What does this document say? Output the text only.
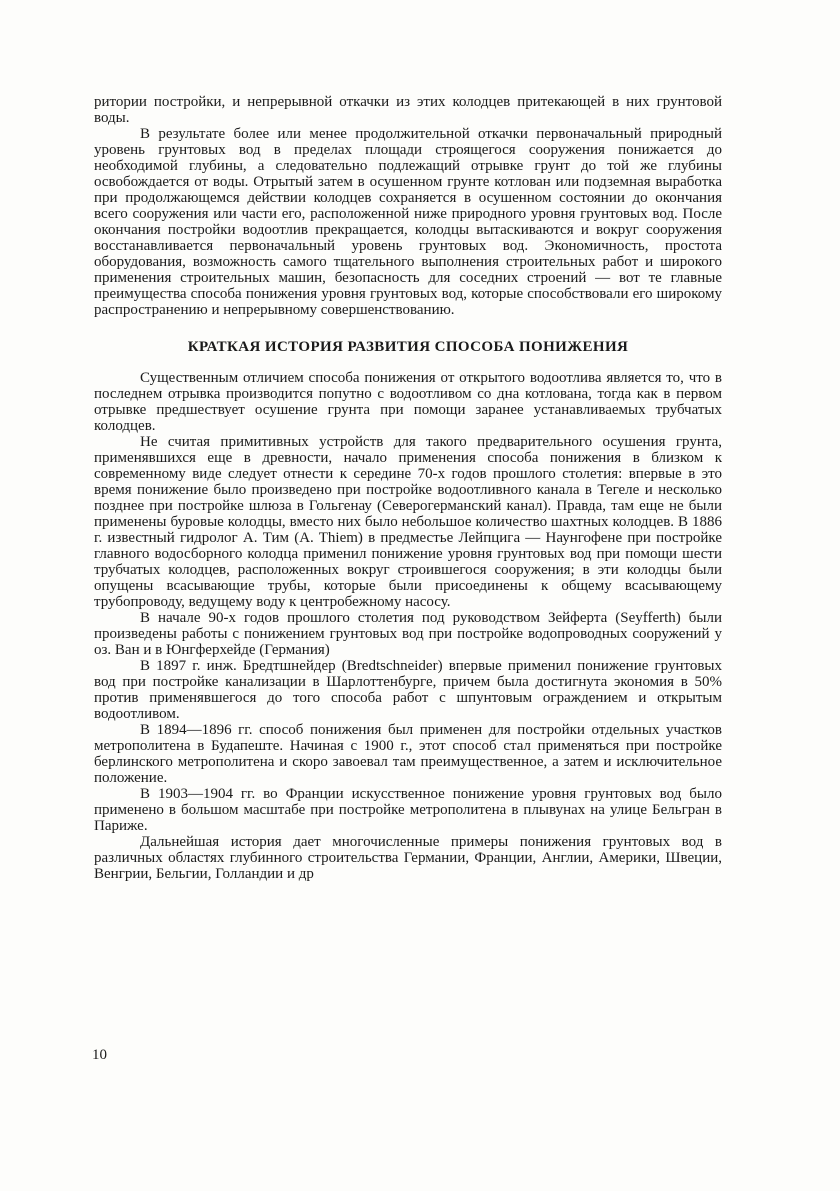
ритории постройки, и непрерывной откачки из этих колодцев притекающей в них грунтовой воды.

В результате более или менее продолжительной откачки первоначальный природный уровень грунтовых вод в пределах площади строящегося сооружения понижается до необходимой глубины, а следовательно подлежащий отрывке грунт до той же глубины освобождается от воды. Отрытый затем в осушенном грунте котлован или подземная выработка при продолжающемся действии колодцев сохраняется в осушенном состоянии до окончания всего сооружения или части его, расположенной ниже природного уровня грунтовых вод. После окончания постройки водоотлив прекращается, колодцы вытаскиваются и вокруг сооружения восстанавливается первоначальный уровень грунтовых вод. Экономичность, простота оборудования, возможность самого тщательного выполнения строительных работ и широкого применения строительных машин, безопасность для соседних строений — вот те главные преимущества способа понижения уровня грунтовых вод, которые способствовали его широкому распространению и непрерывному совершенствованию.

КРАТКАЯ ИСТОРИЯ РАЗВИТИЯ СПОСОБА ПОНИЖЕНИЯ

Существенным отличием способа понижения от открытого водоотлива является то, что в последнем отрывка производится попутно с водоотливом со дна котлована, тогда как в первом отрывке предшествует осушение грунта при помощи заранее устанавливаемых трубчатых колодцев.

Не считая примитивных устройств для такого предварительного осушения грунта, применявшихся еще в древности, начало применения способа понижения в близком к современному виде следует отнести к середине 70-х годов прошлого столетия: впервые в это время понижение было произведено при постройке водоотливного канала в Тегеле и несколько позднее при постройке шлюза в Гольгенау (Северогерманский канал). Правда, там еще не были применены буровые колодцы, вместо них было небольшое количество шахтных колодцев. В 1886 г. известный гидролог А. Тим (A. Thiem) в предместье Лейпцига — Наунгофене при постройке главного водосборного колодца применил понижение уровня грунтовых вод при помощи шести трубчатых колодцев, расположенных вокруг строившегося сооружения; в эти колодцы были опущены всасывающие трубы, которые были присоединены к общему всасывающему трубопроводу, ведущему воду к центробежному насосу.

В начале 90-х годов прошлого столетия под руководством Зейферта (Seyfferth) были произведены работы с понижением грунтовых вод при постройке водопроводных сооружений у оз. Ван и в Юнгферхейде (Германия)

В 1897 г. инж. Бредтшнейдер (Bredtschneider) впервые применил понижение грунтовых вод при постройке канализации в Шарлоттенбурге, причем была достигнута экономия в 50% против применявшегося до того способа работ с шпунтовым ограждением и открытым водоотливом.

В 1894—1896 гг. способ понижения был применен для постройки отдельных участков метрополитена в Будапеште. Начиная с 1900 г., этот способ стал применяться при постройке берлинского метрополитена и скоро завоевал там преимущественное, а затем и исключительное положение.

В 1903—1904 гг. во Франции искусственное понижение уровня грунтовых вод было применено в большом масштабе при постройке метрополитена в плывунах на улице Бельгран в Париже.

Дальнейшая история дает многочисленные примеры понижения грунтовых вод в различных областях глубинного строительства Германии, Франции, Англии, Америки, Швеции, Венгрии, Бельгии, Голландии и др

10
